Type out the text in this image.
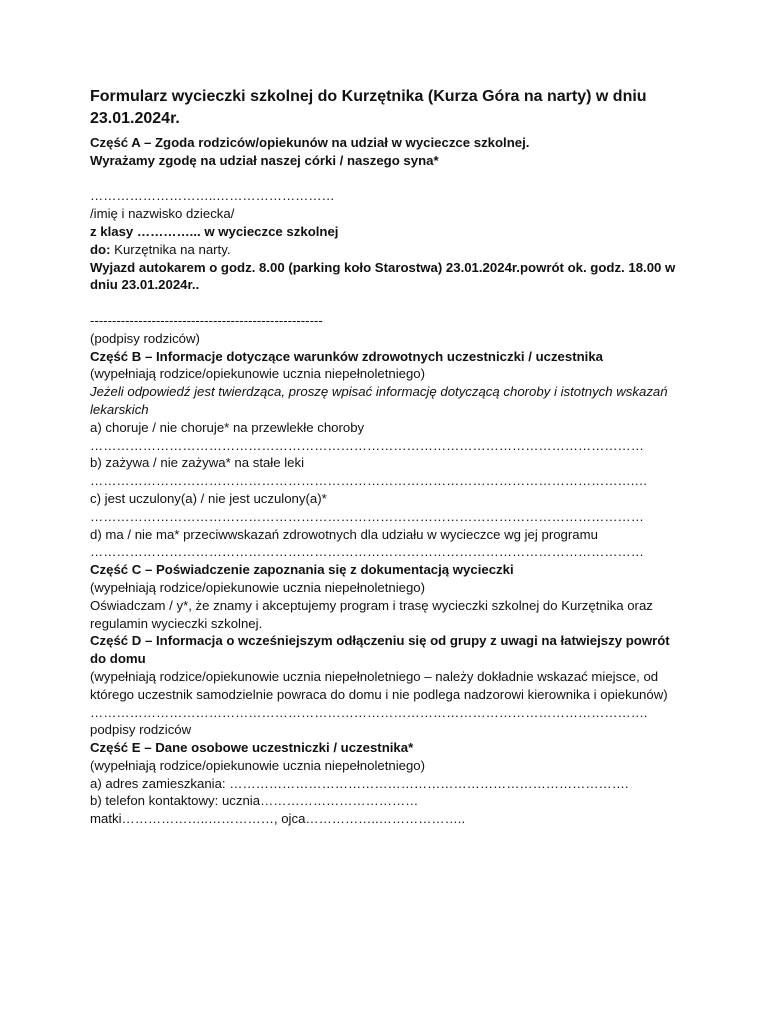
Formularz wycieczki szkolnej do Kurzętnika (Kurza Góra na narty) w dniu 23.01.2024r.
Część A – Zgoda rodziców/opiekunów na udział w wycieczce szkolnej.
Wyrażamy zgodę na udział naszej córki / naszego syna*
………………………..………………………
/imię i nazwisko dziecka/
z klasy …………... w wycieczce szkolnej
do: Kurzętnika na narty.
Wyjazd autokarem o godz. 8.00 (parking koło Starostwa) 23.01.2024r.powrót ok. godz. 18.00 w dniu 23.01.2024r..
-----------------------------------------------------
(podpisy rodziców)
Część B – Informacje dotyczące warunków zdrowotnych uczestniczki / uczestnika
(wypełniają rodzice/opiekunowie ucznia niepełnoletniego)
Jeżeli odpowiedź jest twierdząca, proszę wpisać informację dotyczącą choroby i istotnych wskazań
lekarskich
a) choruje / nie choruje* na przewlekłe choroby
………………………………………………………………………………………………………………
b) zażywa / nie zażywa* na stałe leki
…………………………………………………………………………………………………………….…
c) jest uczulony(a) / nie jest uczulony(a)*
………………………………………………………………………………………………………………
d) ma / nie ma* przeciwwskazań zdrowotnych dla udziału w wycieczce wg jej programu
………………………………………………………………………………………………………………
Część C – Poświadczenie zapoznania się z dokumentacją wycieczki
(wypełniają rodzice/opiekunowie ucznia niepełnoletniego)
Oświadczam / y*, że znamy i akceptujemy program i trasę wycieczki szkolnej do Kurzętnika oraz regulamin wycieczki szkolnej.
Część D – Informacja o wcześniejszym odłączeniu się od grupy z uwagi na łatwiejszy powrót do domu
(wypełniają rodzice/opiekunowie ucznia niepełnoletniego – należy dokładnie wskazać miejsce, od którego uczestnik samodzielnie powraca do domu i nie podlega nadzorowi kierownika i opiekunów)
……………………………………………………………………………………………………………….
podpisy rodziców
Część E – Dane osobowe uczestniczki / uczestnika*
(wypełniają rodzice/opiekunowie ucznia niepełnoletniego)
a) adres zamieszkania: ……………………………………………………………………………….
b) telefon kontaktowy: ucznia………………………………
matki………………..……………, ojca……………..………………..
